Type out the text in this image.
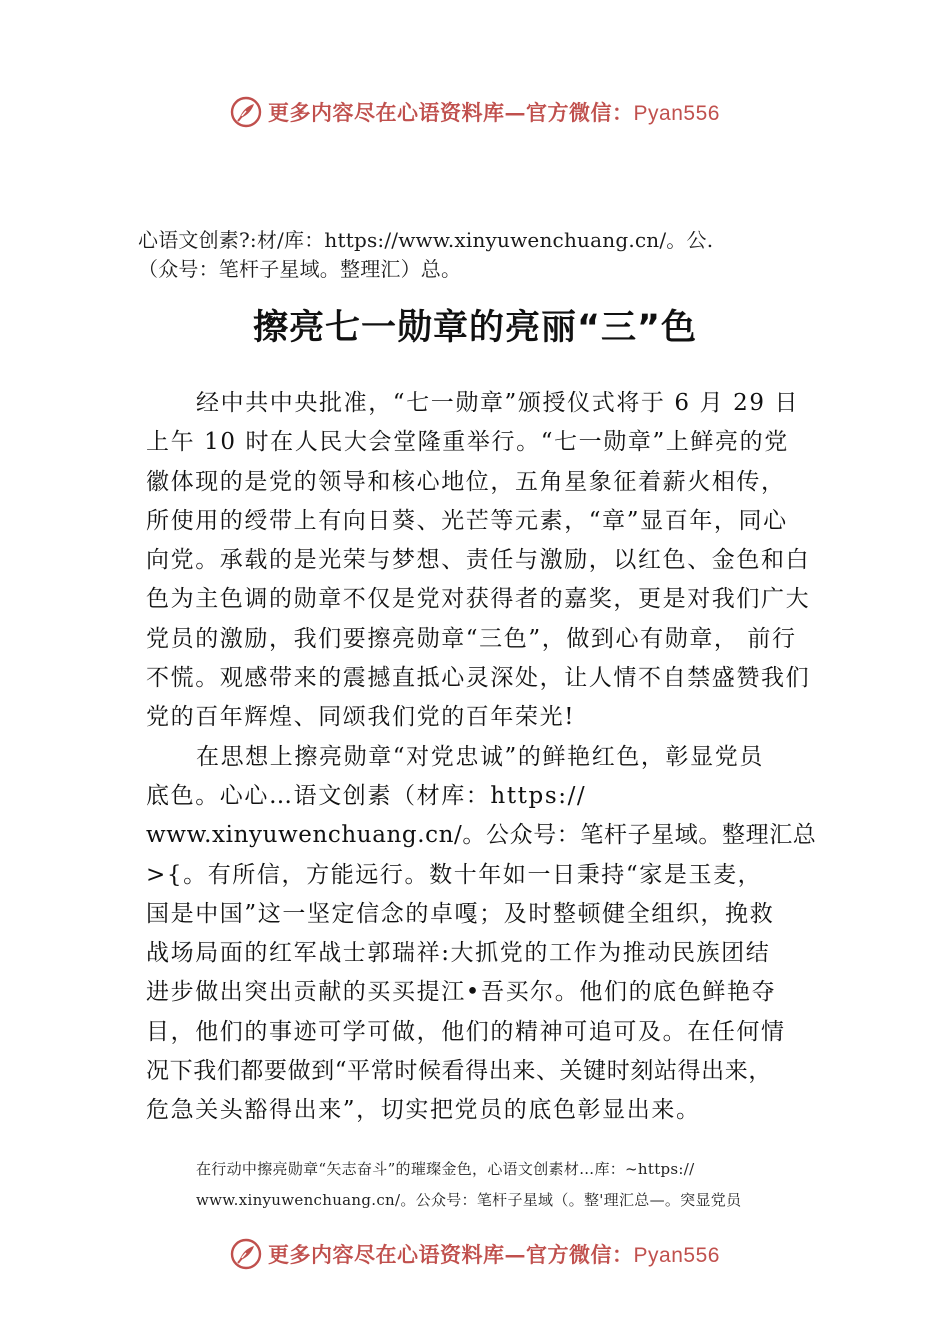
更多内容尽在心语资料库—官方微信：Pyan556
心语文创素?:材/库：https://www.xinyuwenchuang.cn/。公.
（众号：笔杆子星域。整理汇）总。
擦亮七一勋章的亮丽“三”色
经中共中央批准，“七一勋章”颁授仪式将于 6 月 29 日
上午 10 时在人民大会堂隆重举行。“七一勋章”上鲜亮的党
徽体现的是党的领导和核心地位，五角星象征着薪火相传，
所使用的绶带上有向日葵、光芒等元素，“章”显百年，同心
向党。承载的是光荣与梦想、责任与激励，以红色、金色和白
色为主色调的勋章不仅是党对获得者的嘉奖，更是对我们广大
党员的激励，我们要擦亮勋章“三色”，做到心有勋章， 前行
不慌。观感带来的震撼直抵心灵深处，让人情不自禁盛赞我们
党的百年辉煌、同颂我们党的百年荣光!
在思想上擦亮勋章“对党忠诚”的鲜艳红色，彰显党员
底色。心心…语文创素（材库：https://
www.xinyuwenchuang.cn/。公众号：笔杆子星域。整理汇总
>{。有所信，方能远行。数十年如一日秉持“家是玉麦，
国是中国”这一坚定信念的卓嘎；及时整顿健全组织，挽救
战场局面的红军战士郭瑞祥:大抓党的工作为推动民族团结
进步做出突出贡献的买买提江•吾买尔。他们的底色鲜艳夺
目，他们的事迹可学可做，他们的精神可追可及。在任何情
况下我们都要做到“平常时候看得出来、关键时刻站得出来，
危急关头豁得出来”，切实把党员的底色彰显出来。
在行动中擦亮勋章“矢志奋斗”的璀璨金色，心语文创素材…库：~https://
www.xinyuwenchuang.cn/。公众号：笔杆子星域（。整'理汇总—。突显党员
更多内容尽在心语资料库—官方微信：Pyan556
